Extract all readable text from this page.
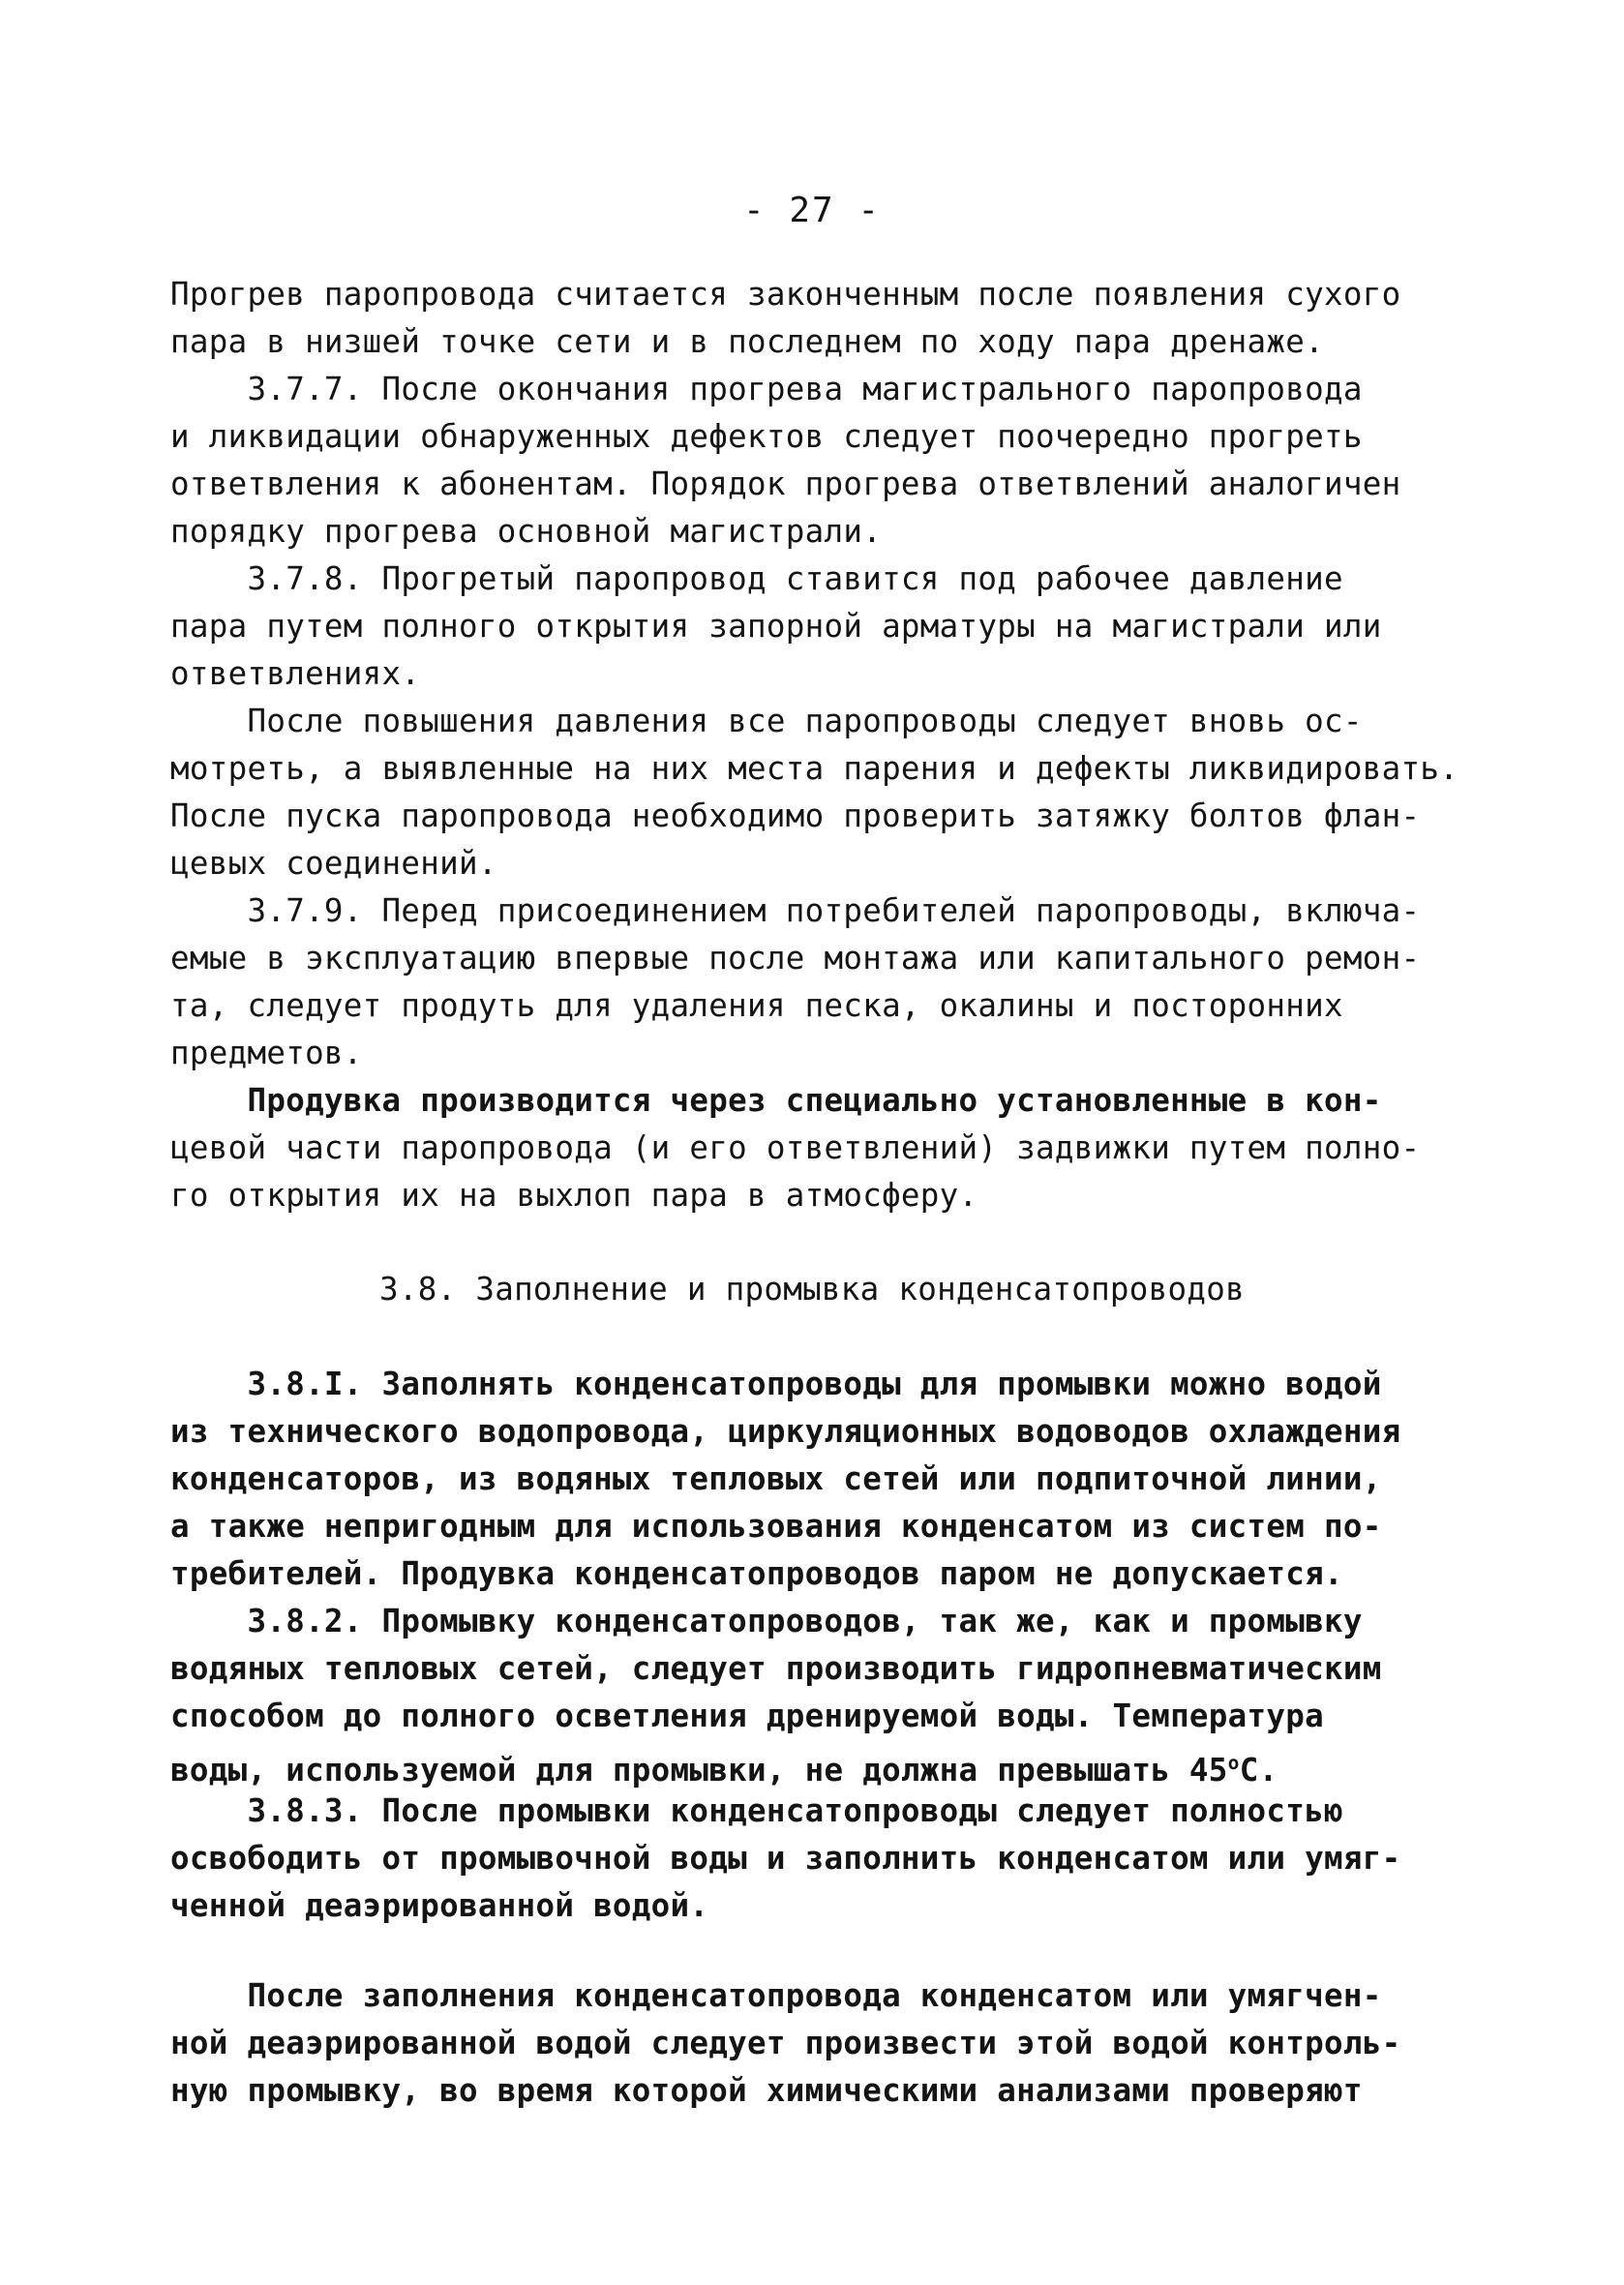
- 27 -
Прогрев паропровода считается законченным после появления сухого
пара в низшей точке сети и в последнем по ходу пара дренаже.
3.7.7. После окончания прогрева магистрального паропровода
и ликвидации обнаруженных дефектов следует поочередно прогреть
ответвления к абонентам. Порядок прогрева ответвлений аналогичен
порядку прогрева основной магистрали.
3.7.8. Прогретый паропровод ставится под рабочее давление
пара путем полного открытия запорной арматуры на магистрали или
ответвлениях.
После повышения давления все паропроводы следует вновь ос-
мотреть, а выявленные на них места парения и дефекты ликвидировать.
После пуска паропровода необходимо проверить затяжку болтов флан-
цевых соединений.
3.7.9. Перед присоединением потребителей паропроводы, включа-
емые в эксплуатацию впервые после монтажа или капитального ремон-
та, следует продуть для удаления песка, окалины и посторонних
предметов.
Продувка производится через специально установленные в кон-
цевой части паропровода (и его ответвлений) задвижки путем полно-
го открытия их на выхлоп пара в атмосферу.
3.8. Заполнение и промывка конденсатопроводов
3.8.I. Заполнять конденсатопроводы для промывки можно водой
из технического водопровода, циркуляционных водоводов охлаждения
конденсаторов, из водяных тепловых сетей или подпиточной линии,
а также непригодным для использования конденсатом из систем по-
требителей. Продувка конденсатопроводов паром не допускается.
3.8.2. Промывку конденсатопроводов, так же, как и промывку
водяных тепловых сетей, следует производить гидропневматическим
способом до полного осветления дренируемой воды. Температура
воды, используемой для промывки, не должна превышать $45^оС$.
3.8.3. После промывки конденсатопроводы следует полностью
освободить от промывочной воды и заполнить конденсатом или умяг-
ченной деаэрированной водой.
После заполнения конденсатопровода конденсатом или умягчен-
ной деаэрированной водой следует произвести этой водой контроль-
ную промывку, во время которой химическими анализами проверяют
